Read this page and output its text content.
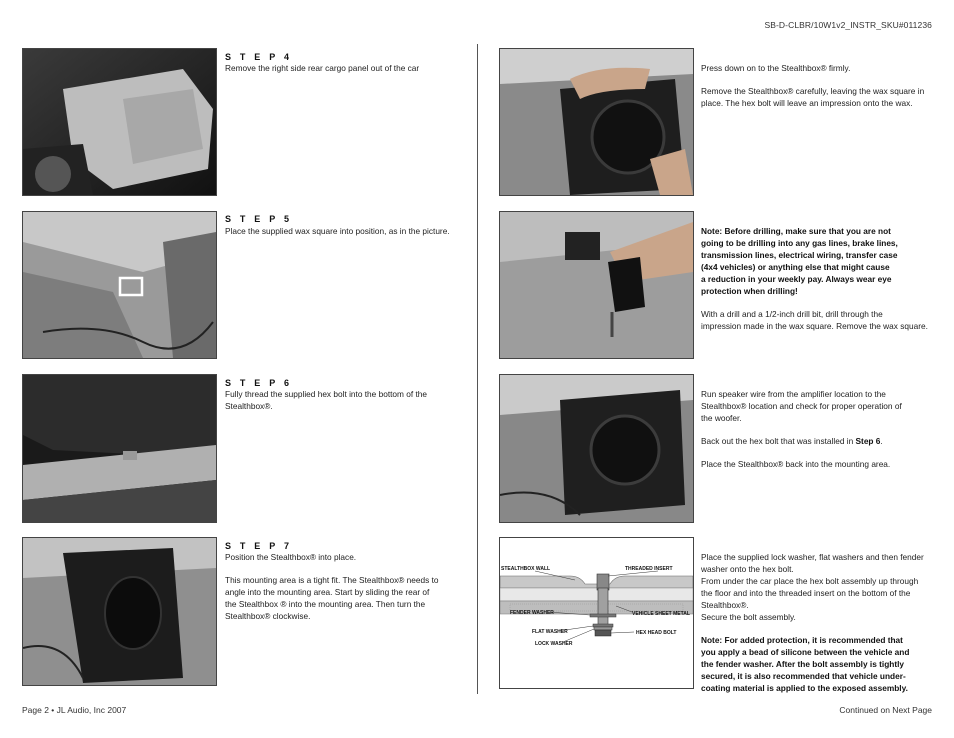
SB-D-CLBR/10W1v2_INSTR_SKU#011236
S T E P 4
Remove the right side rear cargo panel out of the car
S T E P 5
Place the supplied wax square into position, as in the picture.
S T E P 6

Fully thread the supplied hex bolt into the bottom of the

Stealthbox®.

S T E P 7

Position the Stealthbox® into place.

This mounting area is a tight fit. The Stealthbox® needs to

angle into the mounting area. Start by sliding the rear of

the Stealthbox ® into the mounting area. Then turn the

Stealthbox® clockwise.

STEALTHBOX WALL	THREADED INSERT
FENDER WASHER	VEHICLE SHEET METAL
FLAT WASHER	HEX HEAD BOLT
LOCK WASHER

Press down on to the Stealthbox® firmly.

Remove the Stealthbox® carefully, leaving the wax square in

place. The hex bolt will leave an impression onto the wax.

Note: Before drilling, make sure that you are not

going to be drilling into any gas lines, brake lines,

transmission lines, electrical wiring, transfer case

(4x4 vehicles) or anything else that might cause

a reduction in your weekly pay. Always wear eye

protection when drilling!

With a drill and a 1/2-inch drill bit, drill through the

impression made in the wax square. Remove the wax square.

Run speaker wire from the amplifier location to the

Stealthbox® location and check for proper operation of

the woofer.

Back out the hex bolt that was installed in Step 6.

Place the Stealthbox® back into the mounting area.

Place the supplied lock washer, flat washers and then fender

washer onto the hex bolt.

From under the car place the hex bolt assembly up through

the floor and into the threaded insert on the bottom of the

Stealthbox®.

Secure the bolt assembly.

Note: For added protection, it is recommended that

you apply a bead of silicone between the vehicle and

the fender washer. After the bolt assembly is tightly

secured, it is also recommended that vehicle under-

coating material is applied to the exposed assembly.

Page 2 • JL Audio, Inc 2007	Continued on Next Page
